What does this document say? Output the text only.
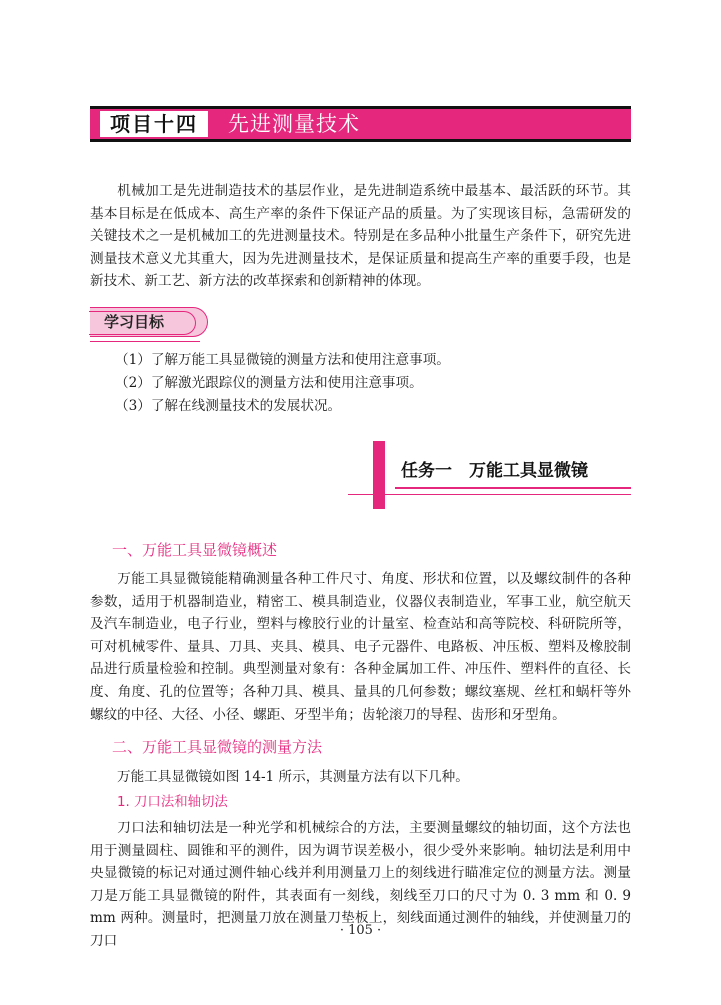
项目十四	先进测量技术

机械加工是先进制造技术的基层作业，是先进制造系统中最基本、最活跃的环节。其基本目标是在低成本、高生产率的条件下保证产品的质量。为了实现该目标，急需研发的关键技术之一是机械加工的先进测量技术。特别是在多品种小批量生产条件下，研究先进测量技术意义尤其重大，因为先进测量技术，是保证质量和提高生产率的重要手段，也是新技术、新工艺、新方法的改革探索和创新精神的体现。

学习目标
（1）了解万能工具显微镜的测量方法和使用注意事项。
（2）了解激光跟踪仪的测量方法和使用注意事项。
（3）了解在线测量技术的发展状况。
任务一　万能工具显微镜
一、万能工具显微镜概述

万能工具显微镜能精确测量各种工件尺寸、角度、形状和位置，以及螺纹制件的各种参数，适用于机器制造业，精密工、模具制造业，仪器仪表制造业，军事工业，航空航天及汽车制造业，电子行业，塑料与橡胶行业的计量室、检查站和高等院校、科研院所等，可对机械零件、量具、刀具、夹具、模具、电子元器件、电路板、冲压板、塑料及橡胶制品进行质量检验和控制。典型测量对象有：各种金属加工件、冲压件、塑料件的直径、长度、角度、孔的位置等；各种刀具、模具、量具的几何参数；螺纹塞规、丝杠和蜗杆等外螺纹的中径、大径、小径、螺距、牙型半角；齿轮滚刀的导程、齿形和牙型角。

二、万能工具显微镜的测量方法

万能工具显微镜如图 14-1 所示，其测量方法有以下几种。

1. 刀口法和轴切法

刀口法和轴切法是一种光学和机械综合的方法，主要测量螺纹的轴切面，这个方法也用于测量圆柱、圆锥和平的测件，因为调节误差极小，很少受外来影响。轴切法是利用中央显微镜的标记对通过测件轴心线并利用测量刀上的刻线进行瞄准定位的测量方法。测量刀是万能工具显微镜的附件，其表面有一刻线，刻线至刀口的尺寸为 0. 3 mm 和 0. 9 mm 两种。测量时，把测量刀放在测量刀垫板上，刻线面通过测件的轴线，并使测量刀的刀口

· 105 ·
